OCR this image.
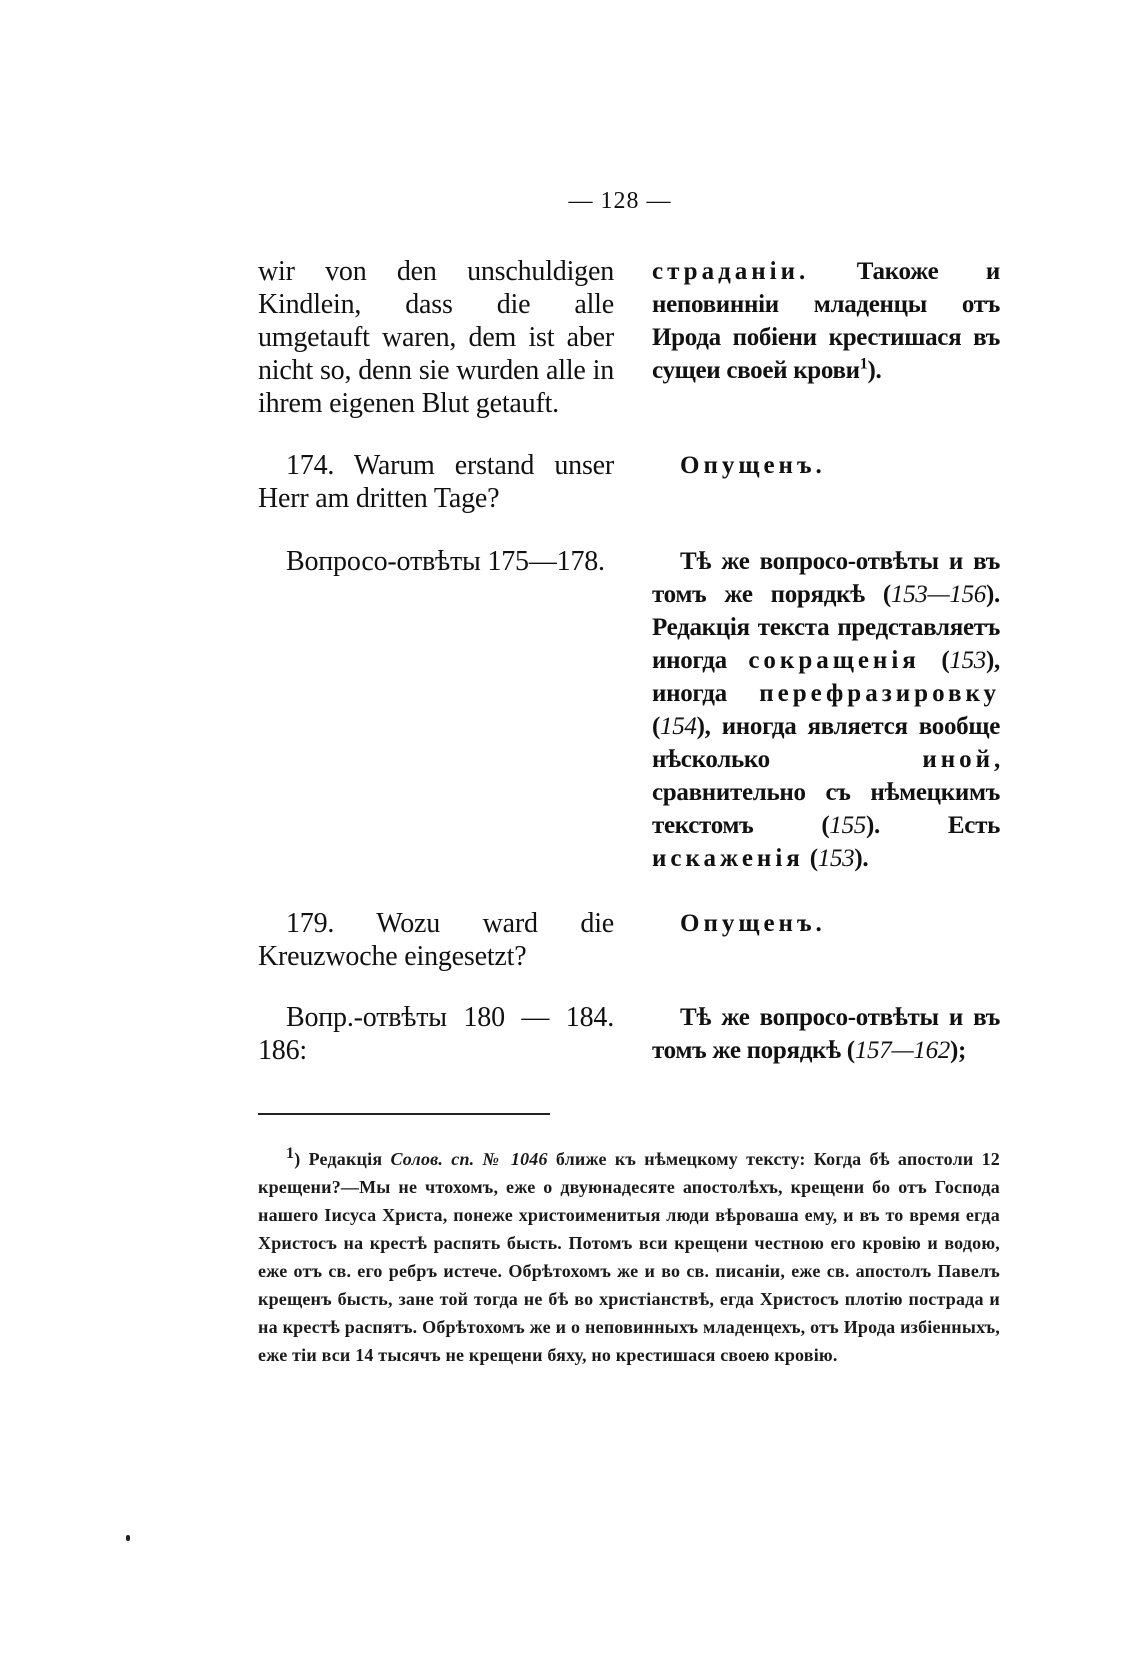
— 128 —
wir von den unschuldigen Kindlein, dass die alle umgetauft waren, dem ist aber nicht so, denn sie wurden alle in ihrem eigenen Blut getauft.
страданіи. Такоже и неповинніи младенцы отъ Ирода побіени крестишася въ сущеи своей крови$^1$).
174. Warum erstand unser Herr am dritten Tage?
Опущенъ.
Вопросо-отвѣты 175—178.	Тѣ же вопросо-отвѣты и въ томъ же порядкѣ (153—156). Редакція текста представляетъ иногда сокращенія (153), иногда перефразировку (154), иногда является вообще нѣсколько иной, сравнительно съ нѣмецкимъ текстомъ (155). Есть искаженія (153).
179. Wozu ward die Kreuzwoche eingesetzt?
Опущенъ.
Вопр.-отвѣты 180 — 184. 186:
Тѣ же вопросо-отвѣты и въ томъ же порядкѣ (157—162);
1) Редакція Солов. сп. № 1046 ближе къ нѣмецкому тексту: Когда бѣ апостоли 12 крещени?—Мы не чтохомъ, еже о двуюнадесяте апостолѣхъ, крещени бо отъ Господа нашего Іисуса Христа, понеже христоименитыя люди вѣроваша ему, и въ то время егда Христосъ на крестѣ распять бысть. Потомъ вси крещени честною его кровію и водою, еже отъ св. его ребръ истече. Обрѣтохомъ же и во св. писаніи, еже св. апостолъ Павелъ крещенъ бысть, зане той тогда не бѣ во христіанствѣ, егда Христосъ плотію пострада и на крестѣ распятъ. Обрѣтохомъ же и о неповинныхъ младенцехъ, отъ Ирода избіенныхъ, еже тіи вси 14 тысячъ не крещени бяху, но крестишася своею кровію.
